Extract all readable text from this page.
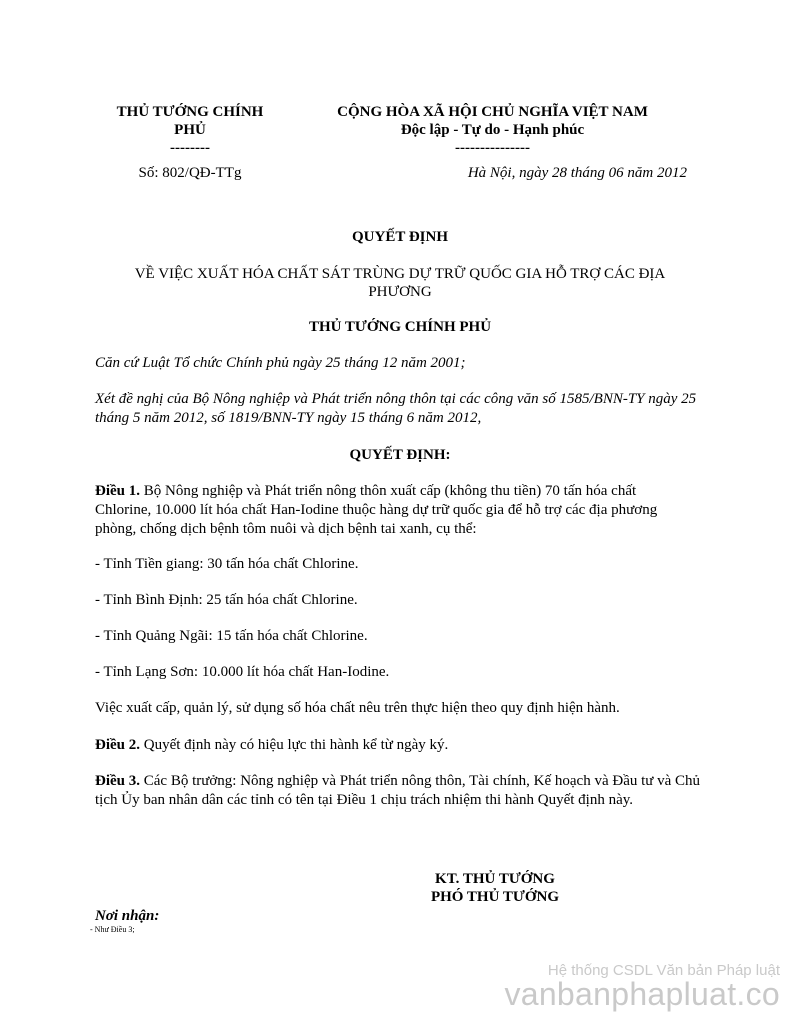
THỦ TƯỚNG CHÍNH
PHỦ
--------
CỘNG HÒA XÃ HỘI CHỦ NGHĨA VIỆT NAM
Độc lập - Tự do - Hạnh phúc
---------------
Số: 802/QĐ-TTg	Hà Nội, ngày 28 tháng 06 năm 2012
QUYẾT ĐỊNH
VỀ VIỆC XUẤT HÓA CHẤT SÁT TRÙNG DỰ TRỮ QUỐC GIA HỖ TRỢ CÁC ĐỊA
PHƯƠNG
THỦ TƯỚNG CHÍNH PHỦ
Căn cứ Luật Tổ chức Chính phủ ngày 25 tháng 12 năm 2001;
Xét đề nghị của Bộ Nông nghiệp và Phát triển nông thôn tại các công văn số 1585/BNN-TY ngày 25 tháng 5 năm 2012, số 1819/BNN-TY ngày 15 tháng 6 năm 2012,
QUYẾT ĐỊNH:
Điều 1. Bộ Nông nghiệp và Phát triển nông thôn xuất cấp (không thu tiền) 70 tấn hóa chất Chlorine, 10.000 lít hóa chất Han-Iodine thuộc hàng dự trữ quốc gia để hỗ trợ các địa phương phòng, chống dịch bệnh tôm nuôi và dịch bệnh tai xanh, cụ thể:
- Tỉnh Tiền giang: 30 tấn hóa chất Chlorine.
- Tỉnh Bình Định: 25 tấn hóa chất Chlorine.
- Tỉnh Quảng Ngãi: 15 tấn hóa chất Chlorine.
- Tỉnh Lạng Sơn: 10.000 lít hóa chất Han-Iodine.
Việc xuất cấp, quản lý, sử dụng số hóa chất nêu trên thực hiện theo quy định hiện hành.
Điều 2. Quyết định này có hiệu lực thi hành kể từ ngày ký.
Điều 3. Các Bộ trưởng: Nông nghiệp và Phát triển nông thôn, Tài chính, Kế hoạch và Đầu tư và Chủ tịch Ủy ban nhân dân các tỉnh có tên tại Điều 1 chịu trách nhiệm thi hành Quyết định này.
KT. THỦ TƯỚNG
PHÓ THỦ TƯỚNG
Nơi nhận:
- Như Điều 3;
Hệ thống CSDL Văn bản Pháp luật
vanbanphapluat.co
